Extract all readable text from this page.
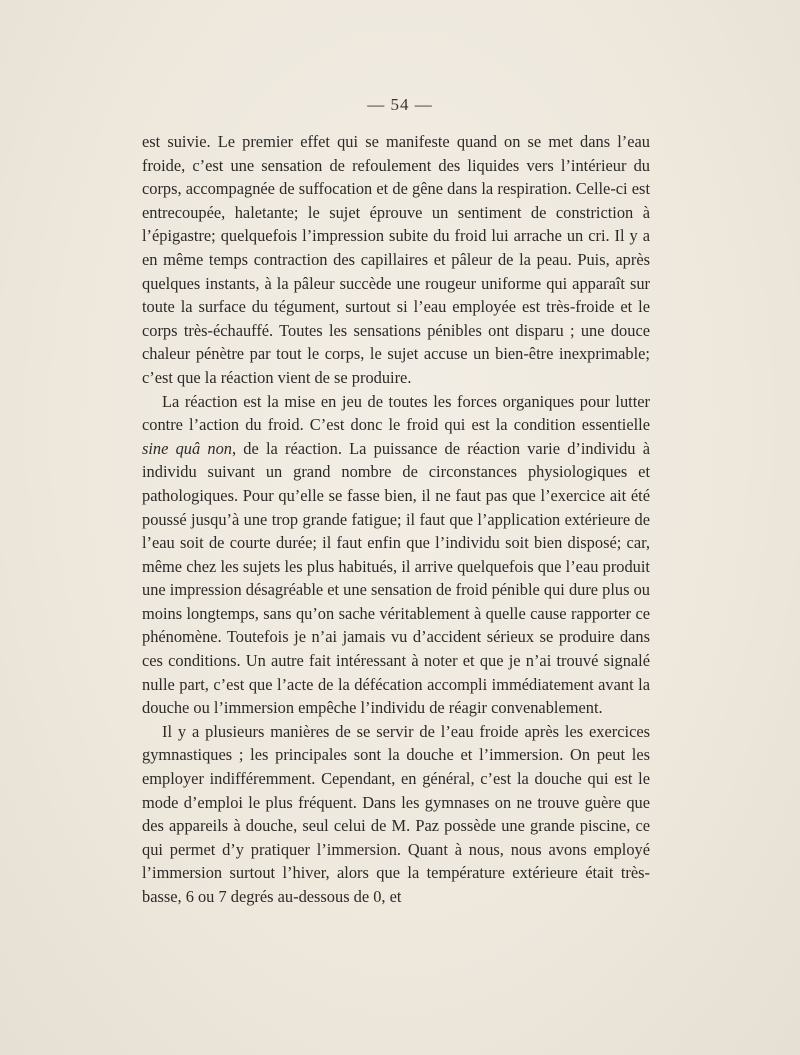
— 54 —

est suivie. Le premier effet qui se manifeste quand on se met dans l’eau froide, c’est une sensation de refoulement des liquides vers l’intérieur du corps, accompagnée de suffocation et de gêne dans la respiration. Celle-ci est entrecoupée, haletante; le sujet éprouve un sentiment de constriction à l’épigastre; quelquefois l’impression subite du froid lui arrache un cri. Il y a en même temps contraction des capillaires et pâleur de la peau. Puis, après quelques instants, à la pâleur succède une rougeur uniforme qui apparaît sur toute la surface du tégument, surtout si l’eau employée est très-froide et le corps très-échauffé. Toutes les sensations pénibles ont disparu ; une douce chaleur pénètre par tout le corps, le sujet accuse un bien-être inexprimable; c’est que la réaction vient de se produire.

La réaction est la mise en jeu de toutes les forces organiques pour lutter contre l’action du froid. C’est donc le froid qui est la condition essentielle sine quâ non, de la réaction. La puissance de réaction varie d’individu à individu suivant un grand nombre de circonstances physiologiques et pathologiques. Pour qu’elle se fasse bien, il ne faut pas que l’exercice ait été poussé jusqu’à une trop grande fatigue; il faut que l’application extérieure de l’eau soit de courte durée; il faut enfin que l’individu soit bien disposé; car, même chez les sujets les plus habitués, il arrive quelquefois que l’eau produit une impression désagréable et une sensation de froid pénible qui dure plus ou moins longtemps, sans qu’on sache véritablement à quelle cause rapporter ce phénomène. Toutefois je n’ai jamais vu d’accident sérieux se produire dans ces conditions. Un autre fait intéressant à noter et que je n’ai trouvé signalé nulle part, c’est que l’acte de la défécation accompli immédiatement avant la douche ou l’immersion empêche l’individu de réagir convenablement.

Il y a plusieurs manières de se servir de l’eau froide après les exercices gymnastiques ; les principales sont la douche et l’immersion. On peut les employer indifféremment. Cependant, en général, c’est la douche qui est le mode d’emploi le plus fréquent. Dans les gymnases on ne trouve guère que des appareils à douche, seul celui de M. Paz possède une grande piscine, ce qui permet d’y pratiquer l’immersion. Quant à nous, nous avons employé l’immersion surtout l’hiver, alors que la température extérieure était très-basse, 6 ou 7 degrés au-dessous de 0, et
